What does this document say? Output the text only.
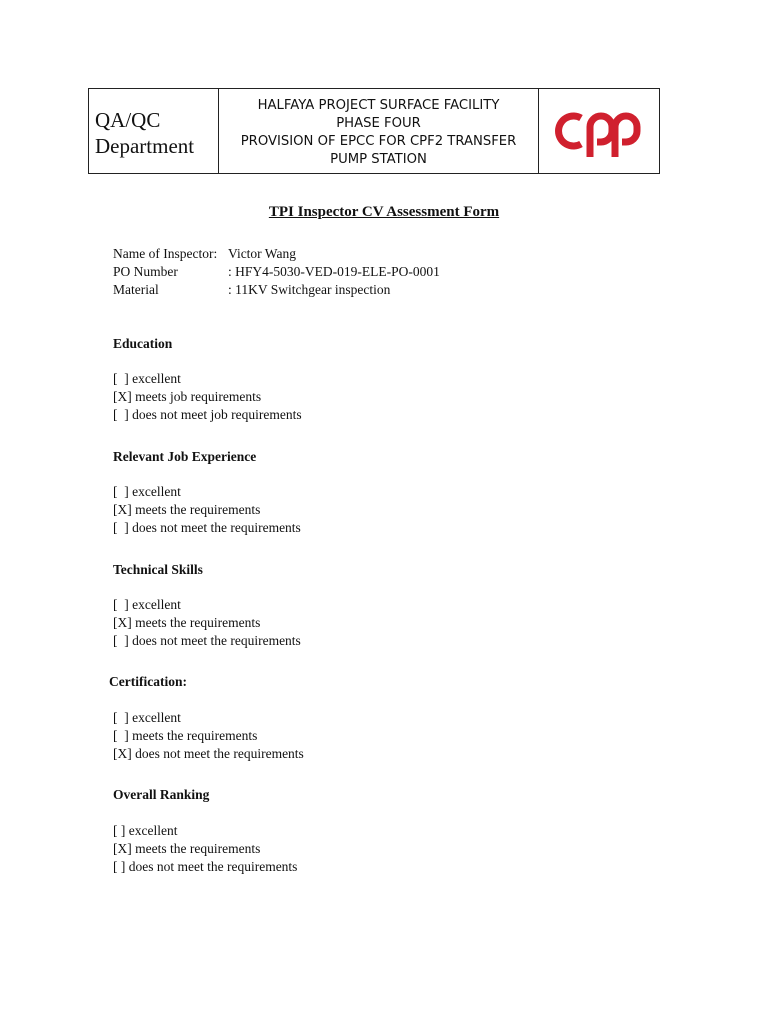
QA/QC
Department
HALFAYA PROJECT SURFACE FACILITY
PHASE FOUR
PROVISION OF EPCC FOR CPF2 TRANSFER
PUMP STATION
TPI Inspector CV Assessment Form
Name of Inspector: Victor Wang
PO Number	: HFY4-5030-VED-019-ELE-PO-0001
Material	: 11KV Switchgear inspection
Education
[  ] excellent
[X] meets job requirements
[  ] does not meet job requirements
Relevant Job Experience
[  ] excellent
[X] meets the requirements
[  ] does not meet the requirements
Technical Skills
[  ] excellent
[X] meets the requirements
[  ] does not meet the requirements
Certification:
[  ] excellent
[  ] meets the requirements
[X] does not meet the requirements
Overall Ranking
[ ] excellent
[X] meets the requirements
[ ] does not meet the requirements
